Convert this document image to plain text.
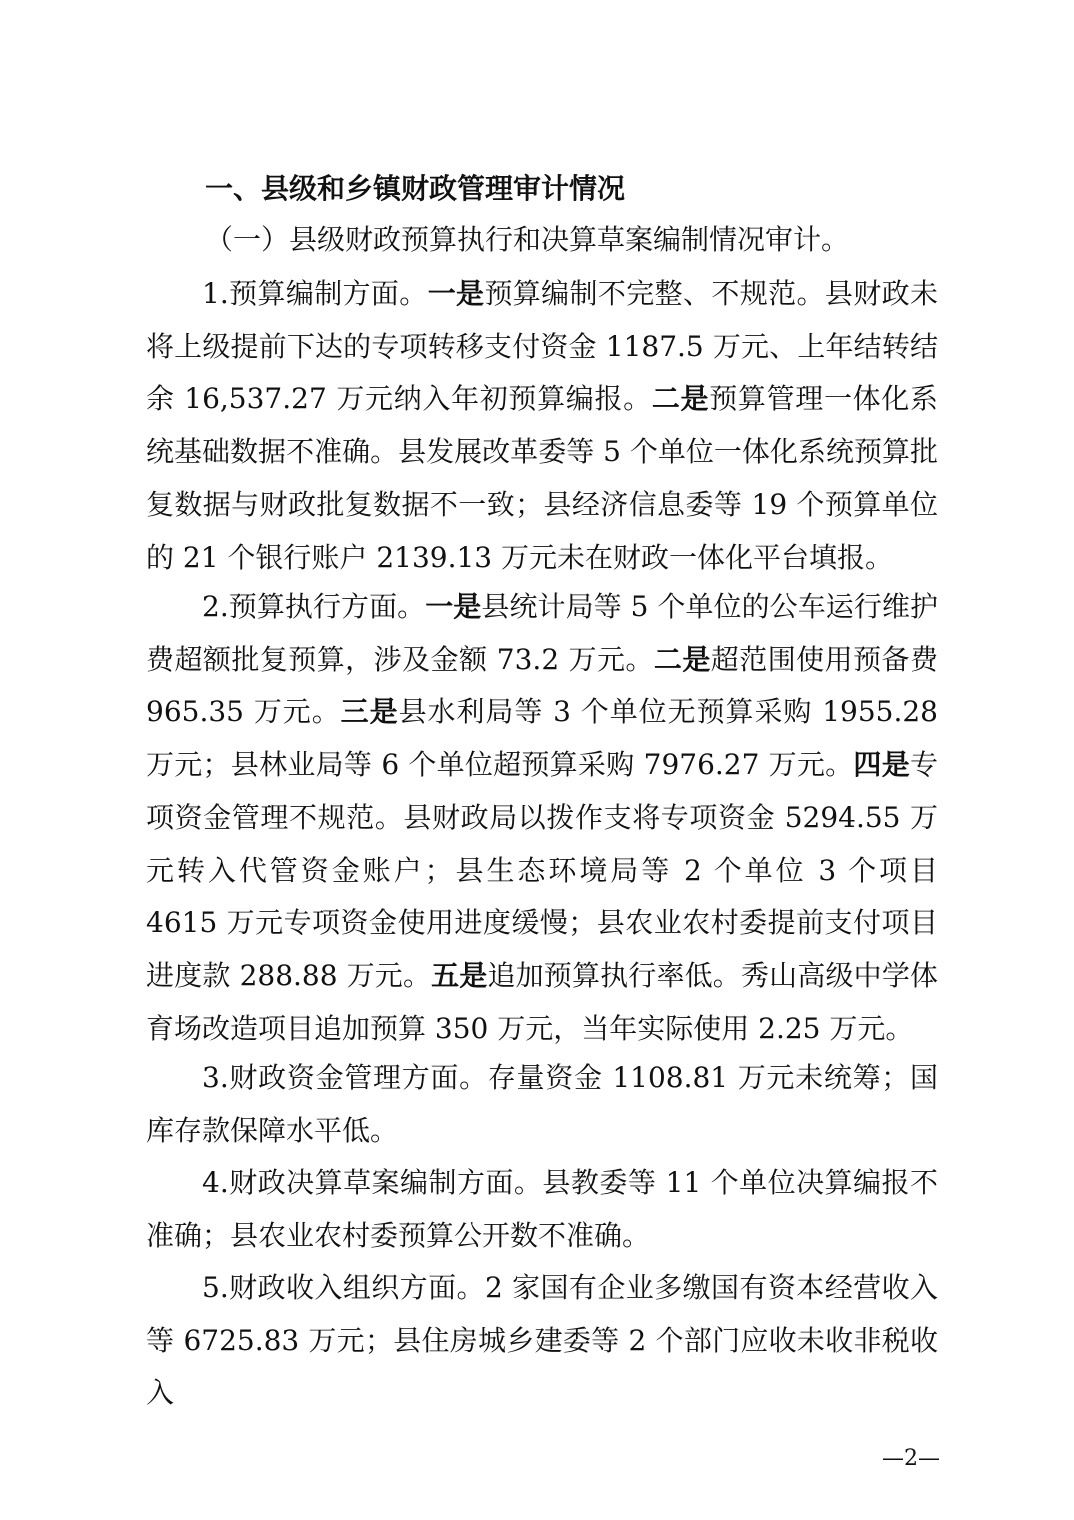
一、县级和乡镇财政管理审计情况
（一）县级财政预算执行和决算草案编制情况审计。

1.预算编制方面。一是预算编制不完整、不规范。县财政未将上级提前下达的专项转移支付资金 1187.5 万元、上年结转结余 16,537.27 万元纳入年初预算编报。二是预算管理一体化系统基础数据不准确。县发展改革委等 5 个单位一体化系统预算批复数据与财政批复数据不一致；县经济信息委等 19 个预算单位的 21 个银行账户 2139.13 万元未在财政一体化平台填报。

2.预算执行方面。一是县统计局等 5 个单位的公车运行维护费超额批复预算，涉及金额 73.2 万元。二是超范围使用预备费 965.35 万元。三是县水利局等 3 个单位无预算采购 1955.28 万元；县林业局等 6 个单位超预算采购 7976.27 万元。四是专项资金管理不规范。县财政局以拨作支将专项资金 5294.55 万元转入代管资金账户；县生态环境局等 2 个单位 3 个项目 4615 万元专项资金使用进度缓慢；县农业农村委提前支付项目进度款 288.88 万元。五是追加预算执行率低。秀山高级中学体育场改造项目追加预算 350 万元，当年实际使用 2.25 万元。

3.财政资金管理方面。存量资金 1108.81 万元未统筹；国库存款保障水平低。

4.财政决算草案编制方面。县教委等 11 个单位决算编报不准确；县农业农村委预算公开数不准确。

5.财政收入组织方面。2 家国有企业多缴国有资本经营收入等 6725.83 万元；县住房城乡建委等 2 个部门应收未收非税收入

—2—
